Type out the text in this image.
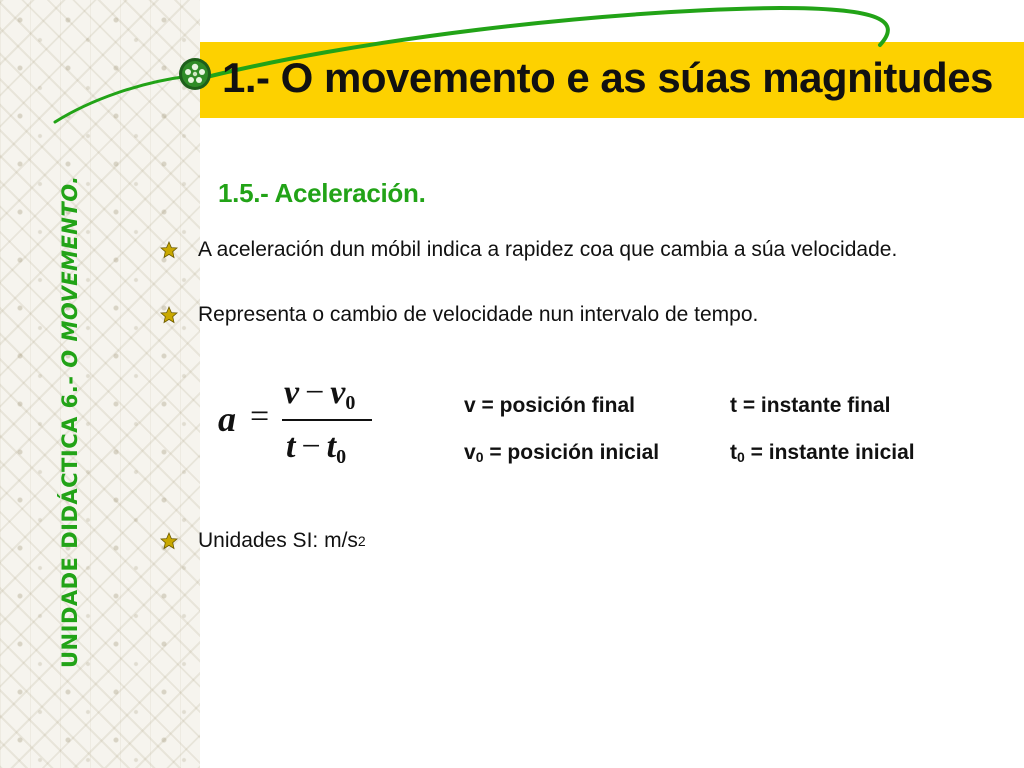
UNIDADE DIDÁCTICA 6.- O MOVEMENTO.
1.- O movemento e as súas magnitudes
1.5.- Aceleración.
A aceleración dun móbil indica a rapidez coa que cambia a súa velocidade.
Representa o cambio de velocidade nun intervalo de tempo.
a =
v − v0
t − t0
v = posición final	t = instante final
$v_0$ = posición inicial	$t_0$ = instante inicial
Unidades SI: m/s 2
